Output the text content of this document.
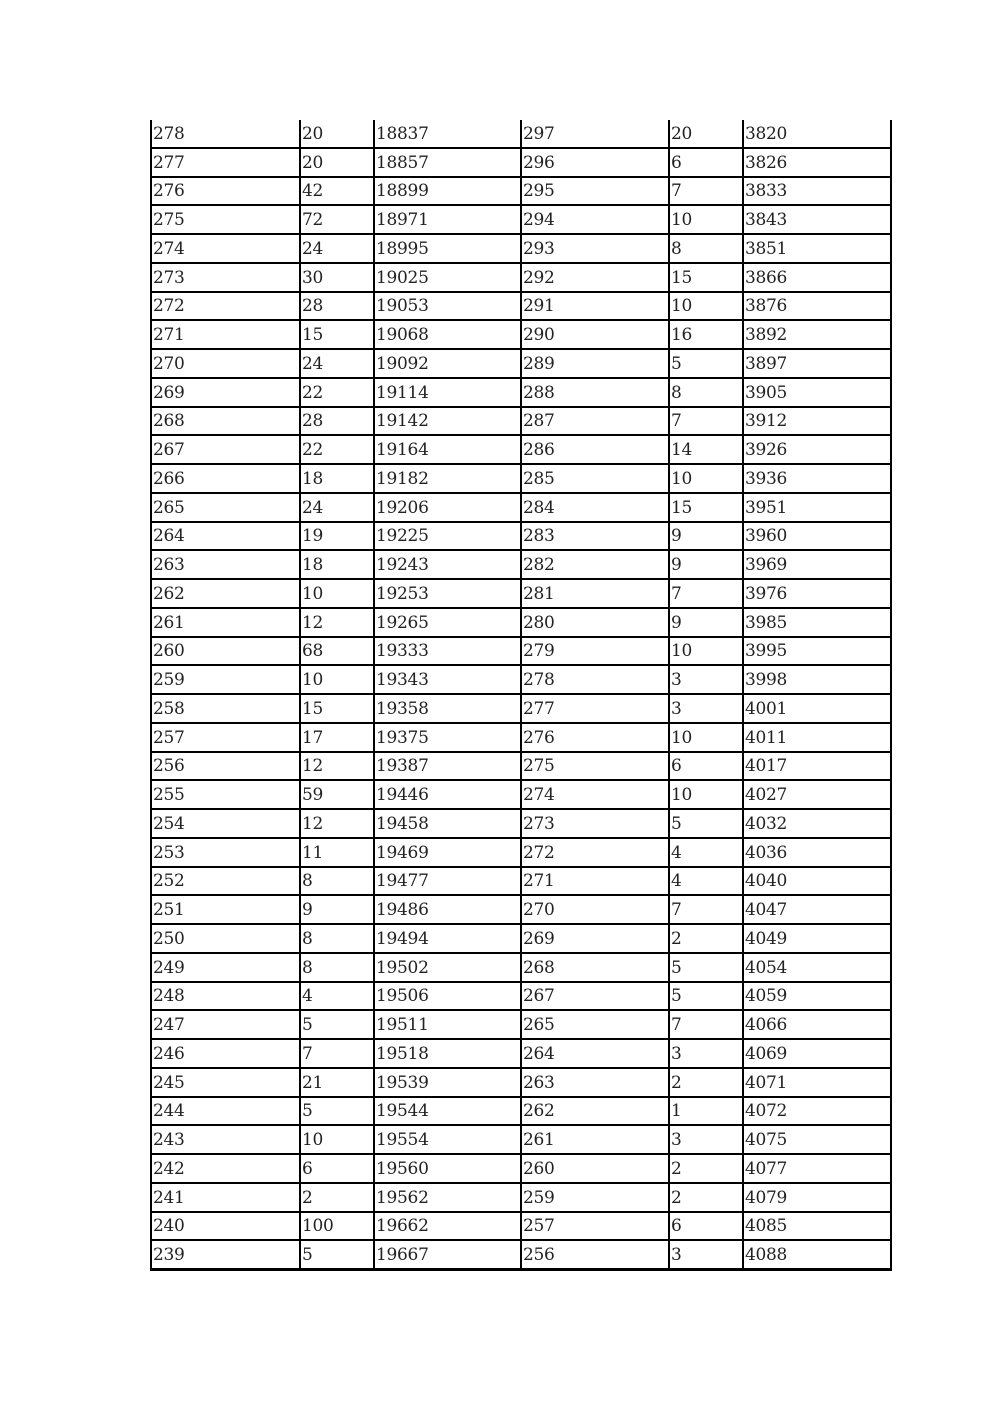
278	20	18837	297	20	3820
277	20	18857	296	6	3826
276	42	18899	295	7	3833
275	72	18971	294	10	3843
274	24	18995	293	8	3851
273	30	19025	292	15	3866
272	28	19053	291	10	3876
271	15	19068	290	16	3892
270	24	19092	289	5	3897
269	22	19114	288	8	3905
268	28	19142	287	7	3912
267	22	19164	286	14	3926
266	18	19182	285	10	3936
265	24	19206	284	15	3951
264	19	19225	283	9	3960
263	18	19243	282	9	3969
262	10	19253	281	7	3976
261	12	19265	280	9	3985
260	68	19333	279	10	3995
259	10	19343	278	3	3998
258	15	19358	277	3	4001
257	17	19375	276	10	4011
256	12	19387	275	6	4017
255	59	19446	274	10	4027
254	12	19458	273	5	4032
253	11	19469	272	4	4036
252	8	19477	271	4	4040
251	9	19486	270	7	4047
250	8	19494	269	2	4049
249	8	19502	268	5	4054
248	4	19506	267	5	4059
247	5	19511	265	7	4066
246	7	19518	264	3	4069
245	21	19539	263	2	4071
244	5	19544	262	1	4072
243	10	19554	261	3	4075
242	6	19560	260	2	4077
241	2	19562	259	2	4079
240	100	19662	257	6	4085
239	5	19667	256	3	4088
